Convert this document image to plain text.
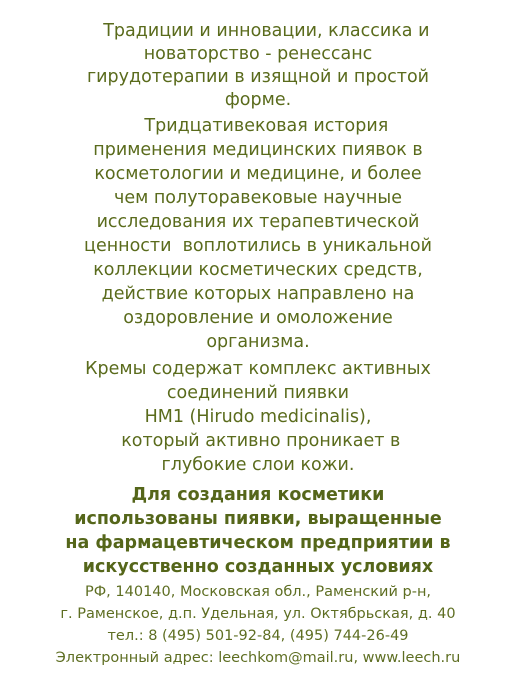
Традиции и инновации, классика и
новаторство - ренессанс
гирудотерапии в изящной и простой
форме.
Тридцативековая история
применения медицинских пиявок в
косметологии и медицине, и более
чем полуторавековые научные
исследования их терапевтической
ценности  воплотились в уникальной
коллекции косметических средств,
действие которых направлено на
оздоровление и омоложение
организма.
Кремы содержат комплекс активных
соединений пиявки
HM1 (Hirudo medicinalis),
который активно проникает в
глубокие слои кожи.
Для создания косметики
использованы пиявки, выращенные
на фармацевтическом предприятии в
искусственно созданных условиях
РФ, 140140, Московская обл., Раменский р-н,
г. Раменское, д.п. Удельная, ул. Октябрьская, д. 40
тел.: 8 (495) 501-92-84, (495) 744-26-49
Электронный адрес: leechkom@mail.ru, www.leech.ru
